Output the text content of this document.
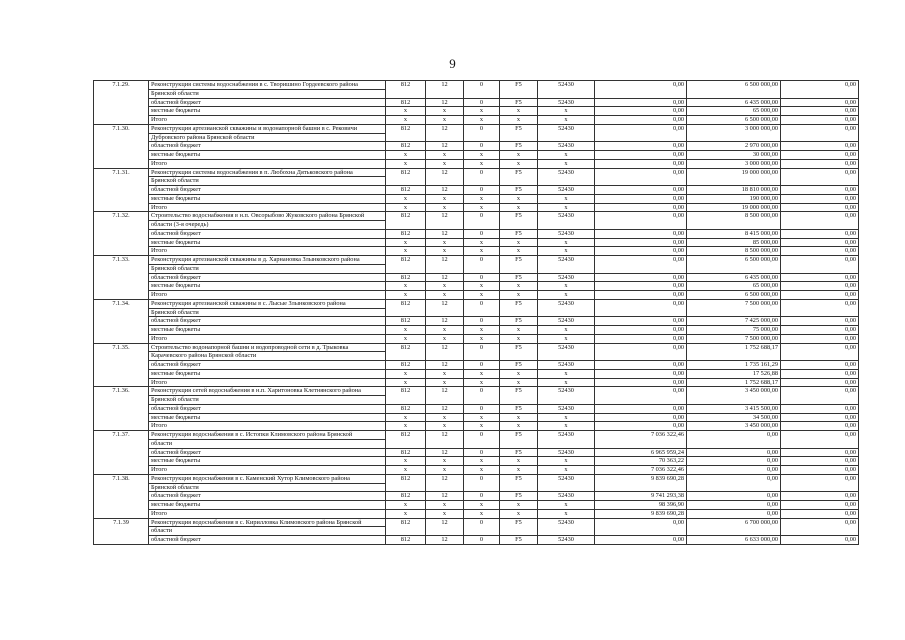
9
7.1.29.	Реконструкция системы водоснабжения в с. Творишино Гордеевского района	812	12	0	F5	52430	0,00	6 500 000,00	0,00
	Брянской области								
	областной бюджет	812	12	0	F5	52430	0,00	6 435 000,00	0,00
	местные бюджеты	x	x	x	x	x	0,00	65 000,00	0,00
	Итого	x	x	x	x	x	0,00	6 500 000,00	0,00
7.1.30.	Реконструкция артезианской скважины и водонапорной башни в с. Рековичи	812	12	0	F5	52430	0,00	3 000 000,00	0,00
	Дубровского района Брянской области								
	областной бюджет	812	12	0	F5	52430	0,00	2 970 000,00	0,00
	местные бюджеты	x	x	x	x	x	0,00	30 000,00	0,00
	Итого	x	x	x	x	x	0,00	3 000 000,00	0,00
7.1.31.	Реконструкция системы водоснабжения в п. Любохна Дятьковского района	812	12	0	F5	52430	0,00	19 000 000,00	0,00
	Брянской области								
	областной бюджет	812	12	0	F5	52430	0,00	18 810 000,00	0,00
	местные бюджеты	x	x	x	x	x	0,00	190 000,00	0,00
	Итого	x	x	x	x	x	0,00	19 000 000,00	0,00
7.1.32.	Строительство водоснабжения в н.п. Овсорыбово Жуковского района Брянской	812	12	0	F5	52430	0,00	8 500 000,00	0,00
	области (3-я очередь)								
	областной бюджет	812	12	0	F5	52430	0,00	8 415 000,00	0,00
	местные бюджеты	x	x	x	x	x	0,00	85 000,00	0,00
	Итого	x	x	x	x	x	0,00	8 500 000,00	0,00
7.1.33.	Реконструкция артезианской скважины в д. Харнановка Злынковского района	812	12	0	F5	52430	0,00	6 500 000,00	0,00
	Брянской области								
	областной бюджет	812	12	0	F5	52430	0,00	6 435 000,00	0,00
	местные бюджеты	x	x	x	x	x	0,00	65 000,00	0,00
	Итого	x	x	x	x	x	0,00	6 500 000,00	0,00
7.1.34.	Реконструкция артезианской скважины в с. Лысые Злынковского района	812	12	0	F5	52430	0,00	7 500 000,00	0,00
	Брянской области								
	областной бюджет	812	12	0	F5	52430	0,00	7 425 000,00	0,00
	местные бюджеты	x	x	x	x	x	0,00	75 000,00	0,00
	Итого	x	x	x	x	x	0,00	7 500 000,00	0,00
7.1.35.	Строительство водонапорной башни и водопроводной сети в д. Трыковка	812	12	0	F5	52430	0,00	1 752 688,17	0,00
	Карачевского района Брянской области								
	областной бюджет	812	12	0	F5	52430	0,00	1 735 161,29	0,00
	местные бюджеты	x	x	x	x	x	0,00	17 526,88	0,00
	Итого	x	x	x	x	x	0,00	1 752 688,17	0,00
7.1.36.	Реконструкция сетей водоснабжения в н.п. Харитоновка Клетнянского района	812	12	0	F5	52430	0,00	3 450 000,00	0,00
	Брянской области								
	областной бюджет	812	12	0	F5	52430	0,00	3 415 500,00	0,00
	местные бюджеты	x	x	x	x	x	0,00	34 500,00	0,00
	Итого	x	x	x	x	x	0,00	3 450 000,00	0,00
7.1.37.	Реконструкция водоснабжения в с. Истопки Климовского района Брянской	812	12	0	F5	52430	7 036 322,46	0,00	0,00
	области								
	областной бюджет	812	12	0	F5	52430	6 965 959,24	0,00	0,00
	местные бюджеты	x	x	x	x	x	70 363,22	0,00	0,00
	Итого	x	x	x	x	x	7 036 322,46	0,00	0,00
7.1.38.	Реконструкция водоснабжения в с. Каменский Хутор Климовского района	812	12	0	F5	52430	9 839 690,28	0,00	0,00
	Брянской области								
	областной бюджет	812	12	0	F5	52430	9 741 293,38	0,00	0,00
	местные бюджеты	x	x	x	x	x	98 396,90	0,00	0,00
	Итого	x	x	x	x	x	9 839 690,28	0,00	0,00
7.1.39	Реконструкция водоснабжения в с. Кирилловка Климовского района Брянской	812	12	0	F5	52430	0,00	6 700 000,00	0,00
	области								
	областной бюджет	812	12	0	F5	52430	0,00	6 633 000,00	0,00
